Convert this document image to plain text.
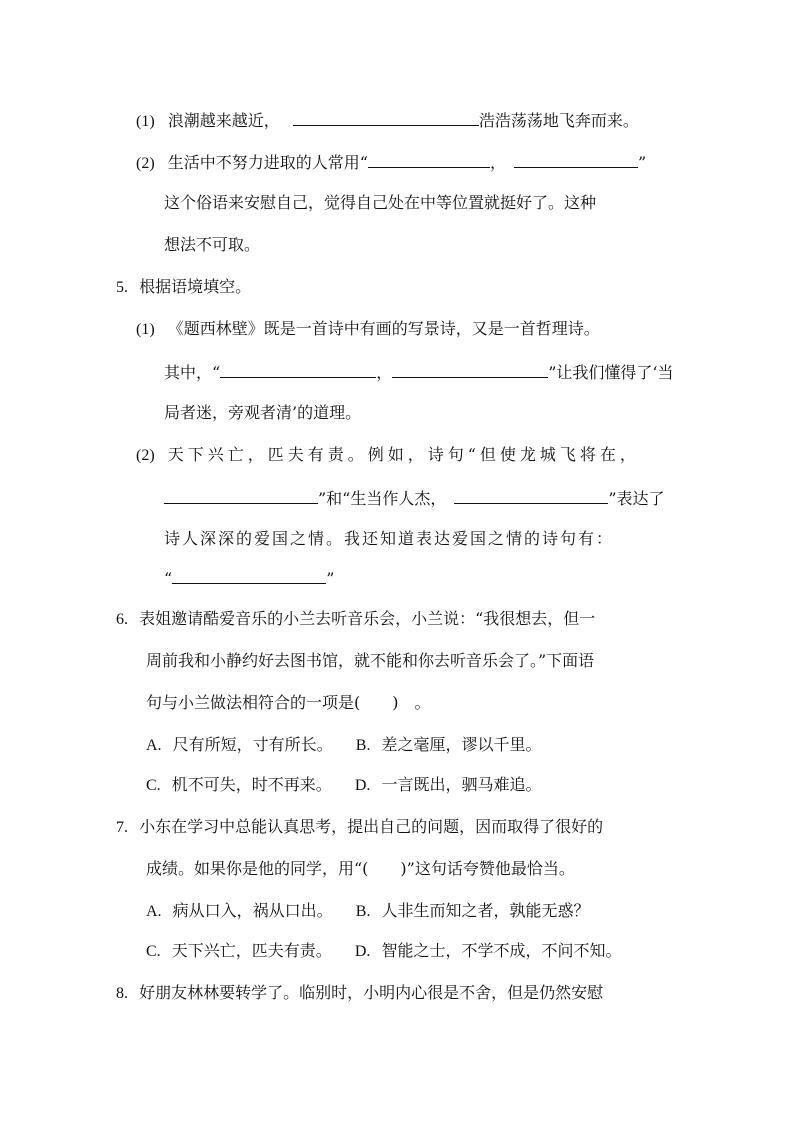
(1) 浪潮越来越近，	浩浩荡荡地飞奔而来。
(2) 生活中不努力进取的人常用“	，	”
这个俗语来安慰自己，觉得自己处在中等位置就挺好了。这种
想法不可取。
5. 根据语境填空。
(1) 《题西林壁》既是一首诗中有画的写景诗，又是一首哲理诗。
其中，“	，	”让我们懂得了‘当
局者迷，旁观者清’的道理。
(2) 天下兴亡，匹夫有责。例如，诗句“但使龙城飞将在，
”和“生当作人杰，	”表达了
诗人深深的爱国之情。我还知道表达爱国之情的诗句有：
“	”
6. 表姐邀请酷爱音乐的小兰去听音乐会，小兰说：“我很想去，但一
周前我和小静约好去图书馆，就不能和你去听音乐会了。”下面语
句与小兰做法相符合的一项是(　　)　。
A. 尺有所短，寸有所长。 B. 差之毫厘，谬以千里。
C. 机不可失，时不再来。 D. 一言既出，驷马难追。
7. 小东在学习中总能认真思考，提出自己的问题，因而取得了很好的
成绩。如果你是他的同学，用“(　　)”这句话夸赞他最恰当。
A. 病从口入，祸从口出。 B. 人非生而知之者，孰能无惑？
C. 天下兴亡，匹夫有责。 D. 智能之士，不学不成，不问不知。
8. 好朋友林林要转学了。临别时，小明内心很是不舍，但是仍然安慰
